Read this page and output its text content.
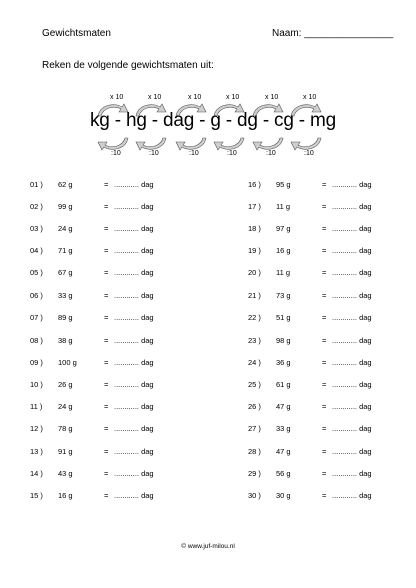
Gewichtsmaten	Naam: ________________
Reken de volgende gewichtsmaten uit:
x 10	x 10	x 10	x 10	x 10	x 10
kg - hg - dag - g - dg - cg - mg
:10	:10	:10	:10	:10	:10
01 ) 62 g	= ............ dag
02 ) 99 g	= ............ dag
03 ) 24 g	= ............ dag
04 ) 71 g	= ............ dag
05 ) 67 g	= ............ dag
06 ) 33 g	= ............ dag
07 ) 89 g	= ............ dag
08 ) 38 g	= ............ dag
09 ) 100 g	= ............ dag
10 ) 26 g	= ............ dag
11 ) 24 g	= ............ dag
12 ) 78 g	= ............ dag
13 ) 91 g	= ............ dag
14 ) 43 g	= ............ dag
15 ) 16 g	= ............ dag
16 ) 95 g	= ............ dag
17 ) 11 g	= ............ dag
18 ) 97 g	= ............ dag
19 ) 16 g	= ............ dag
20 ) 11 g	= ............ dag
21 ) 73 g	= ............ dag
22 ) 51 g	= ............ dag
23 ) 98 g	= ............ dag
24 ) 36 g	= ............ dag
25 ) 61 g	= ............ dag
26 ) 47 g	= ............ dag
27 ) 33 g	= ............ dag
28 ) 47 g	= ............ dag
29 ) 56 g	= ............ dag
30 ) 30 g	= ............ dag
© www.juf-milou.nl
